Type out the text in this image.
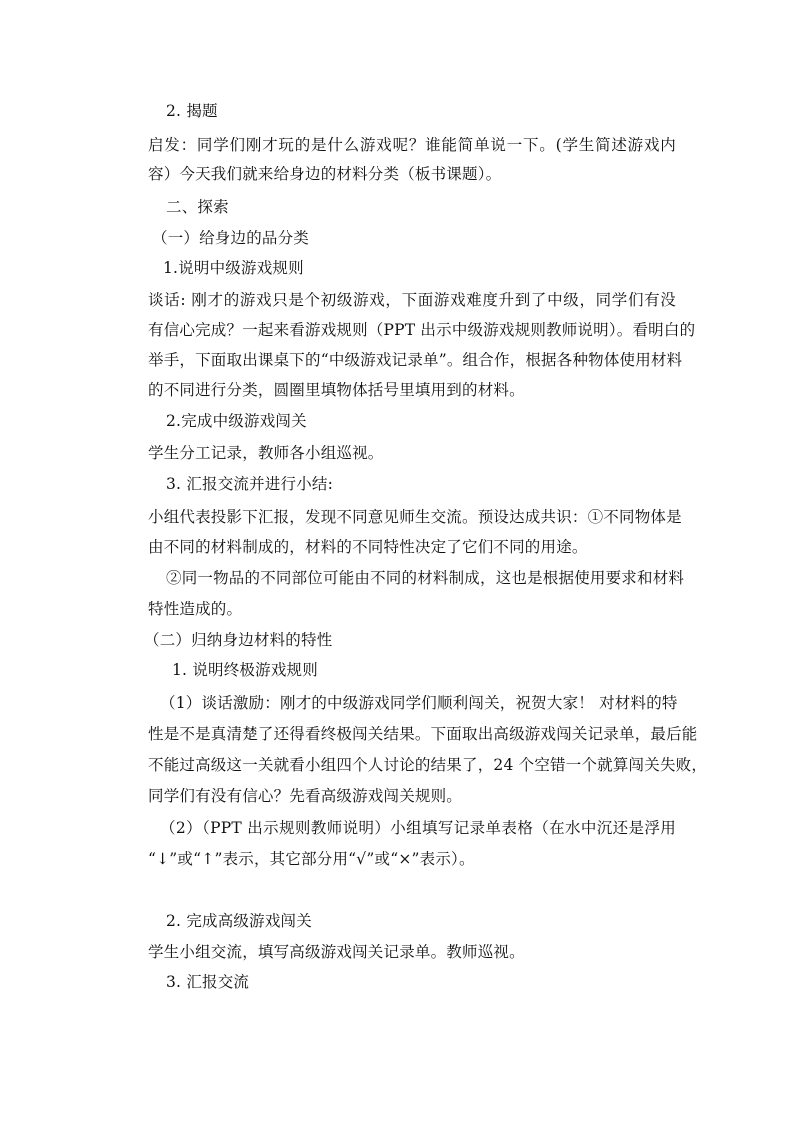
2. 揭题
启发：同学们刚才玩的是什么游戏呢？谁能简单说一下。(学生简述游戏内
容）今天我们就来给身边的材料分类（板书课题）。
二、探索
（一）给身边的品分类
1.说明中级游戏规则
谈话: 刚才的游戏只是个初级游戏，下面游戏难度升到了中级，同学们有没
有信心完成？一起来看游戏规则（PPT 出示中级游戏规则教师说明）。看明白的
举手，下面取出课桌下的“中级游戏记录单”。组合作，根据各种物体使用材料
的不同进行分类，圆圈里填物体括号里填用到的材料。
2.完成中级游戏闯关
学生分工记录，教师各小组巡视。
3. 汇报交流并进行小结:
小组代表投影下汇报，发现不同意见师生交流。预设达成共识：①不同物体是
由不同的材料制成的，材料的不同特性决定了它们不同的用途。
②同一物品的不同部位可能由不同的材料制成，这也是根据使用要求和材料
特性造成的。
（二）归纳身边材料的特性
1. 说明终极游戏规则
（1）谈话激励：刚才的中级游戏同学们顺利闯关，祝贺大家！ 对材料的特
性是不是真清楚了还得看终极闯关结果。下面取出高级游戏闯关记录单，最后能
不能过高级这一关就看小组四个人讨论的结果了，24 个空错一个就算闯关失败，
同学们有没有信心？先看高级游戏闯关规则。
（2）（PPT 出示规则教师说明）小组填写记录单表格（在水中沉还是浮用
“↓”或“↑”表示，其它部分用“√”或“×”表示）。
2. 完成高级游戏闯关
学生小组交流，填写高级游戏闯关记录单。教师巡视。
3. 汇报交流
